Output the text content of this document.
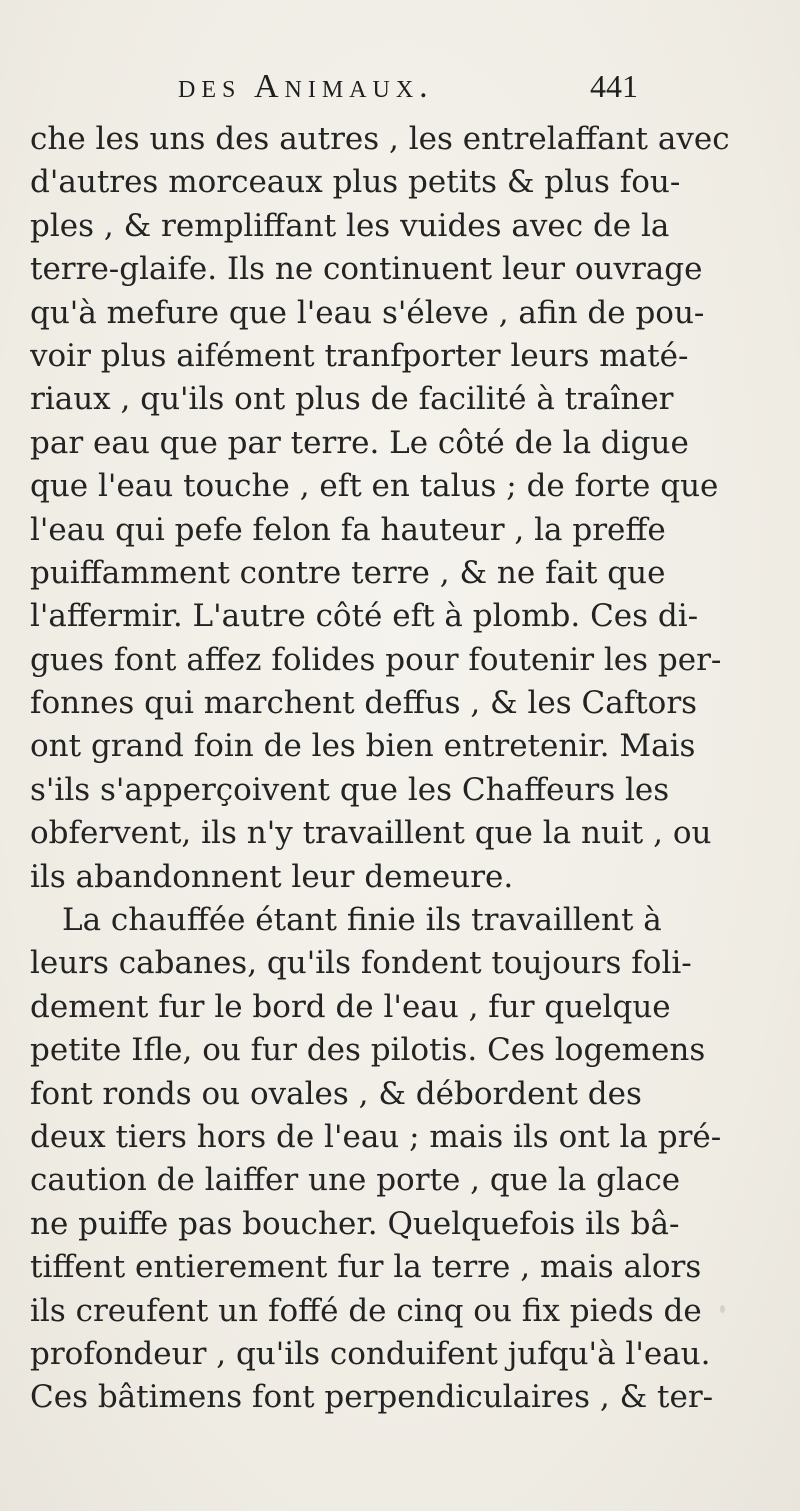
des Animaux.	441
che les uns des autres , les entrelaffant avec
d'autres morceaux plus petits & plus fou-
ples , & rempliffant les vuides avec de la
terre-glaife. Ils ne continuent leur ouvrage
qu'à mefure que l'eau s'éleve , afin de pou-
voir plus aifément tranfporter leurs maté-
riaux , qu'ils ont plus de facilité à traîner
par eau que par terre. Le côté de la digue
que l'eau touche , eft en talus ; de forte que
l'eau qui pefe felon fa hauteur , la preffe
puiffamment contre terre , & ne fait que
l'affermir. L'autre côté eft à plomb. Ces di-
gues font affez folides pour foutenir les per-
fonnes qui marchent deffus , & les Caftors
ont grand foin de les bien entretenir. Mais
s'ils s'apperçoivent que les Chaffeurs les
obfervent, ils n'y travaillent que la nuit , ou
ils abandonnent leur demeure.
La chauffée étant finie ils travaillent à
leurs cabanes, qu'ils fondent toujours foli-
dement fur le bord de l'eau , fur quelque
petite Ifle, ou fur des pilotis. Ces logemens
font ronds ou ovales , & débordent des
deux tiers hors de l'eau ; mais ils ont la pré-
caution de laiffer une porte , que la glace
ne puiffe pas boucher. Quelquefois ils bâ-
tiffent entierement fur la terre , mais alors
ils creufent un foffé de cinq ou fix pieds de
profondeur , qu'ils conduifent jufqu'à l'eau.
Ces bâtimens font perpendiculaires , & ter-
